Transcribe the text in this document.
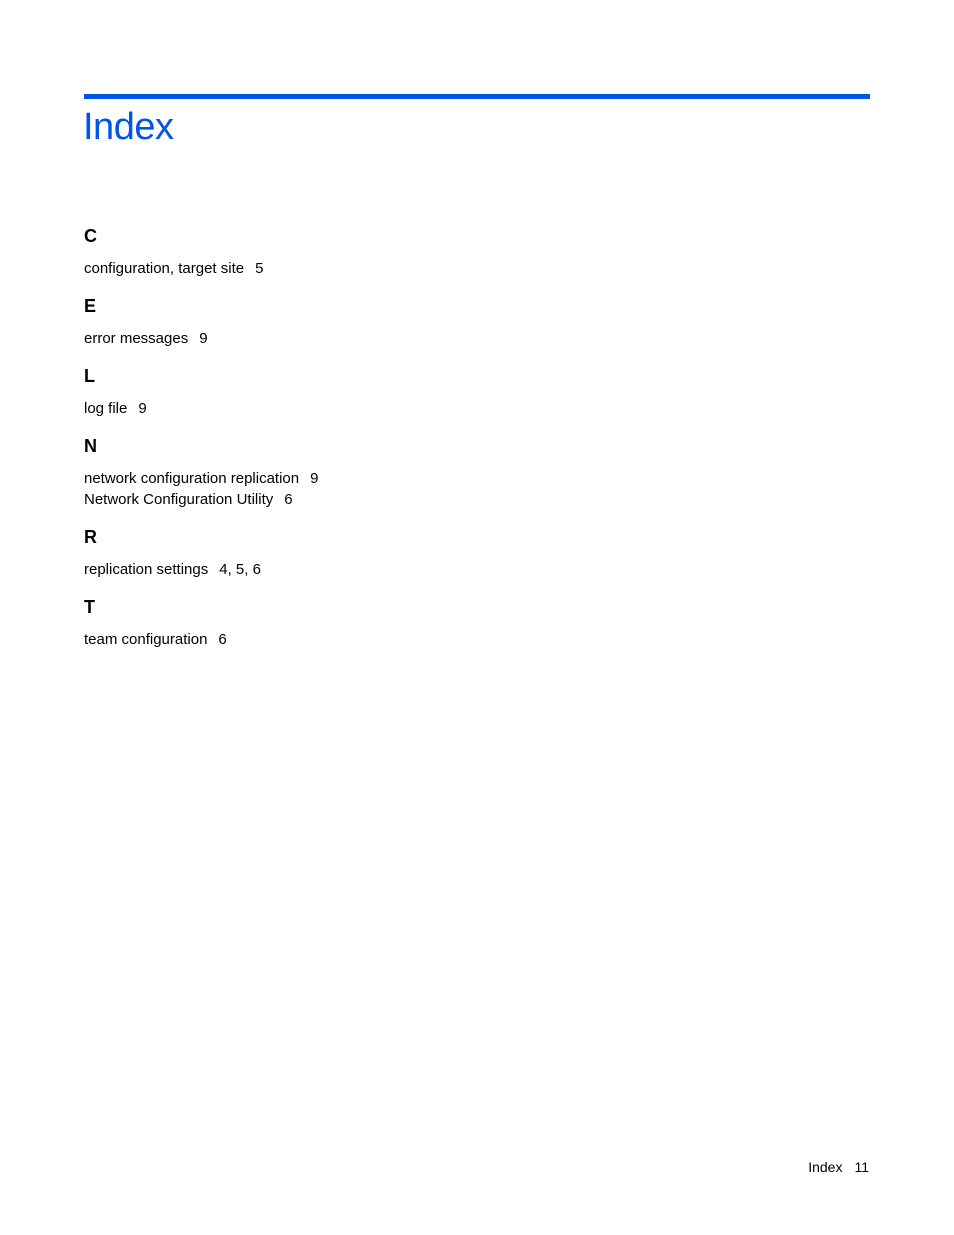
Index
C
configuration, target site 5
E
error messages 9
L
log file 9
N
network configuration replication 9
Network Configuration Utility 6
R
replication settings 4, 5, 6
T
team configuration 6
Index 11
